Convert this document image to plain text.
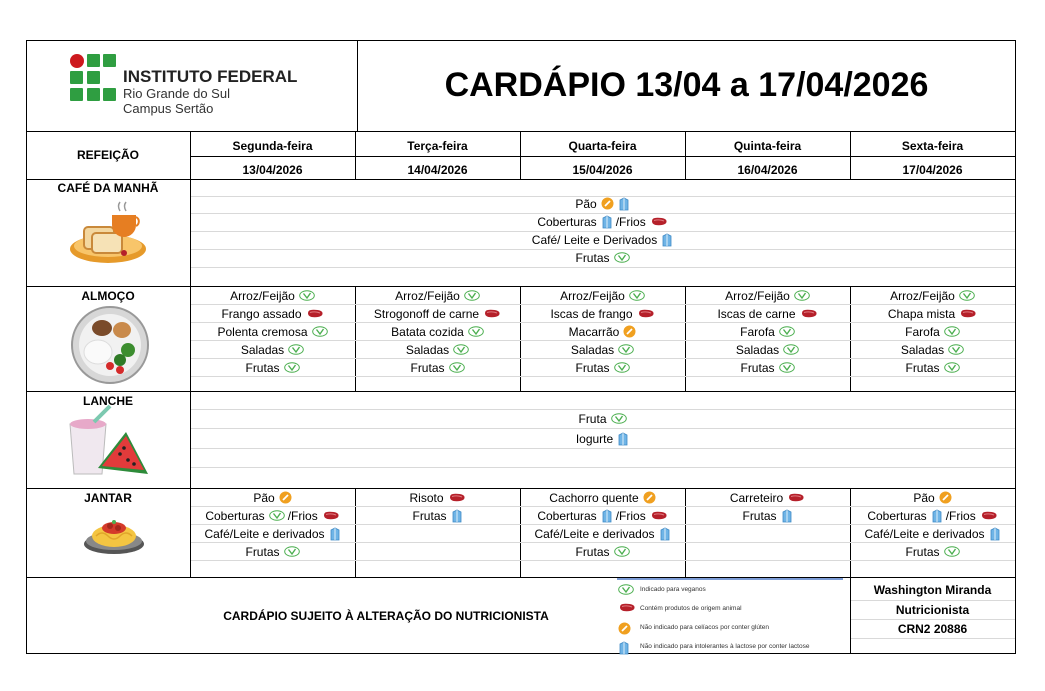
INSTITUTO FEDERAL
Rio Grande do Sul
Campus Sertão
CARDÁPIO 13/04 a 17/04/2026
REFEIÇÃO
Segunda-feira
13/04/2026
Terça-feira
14/04/2026
Quarta-feira
15/04/2026
Quinta-feira
16/04/2026
Sexta-feira
17/04/2026
CAFÉ DA MANHÃ
ALMOÇO
LANCHE
JANTAR
Pão
Coberturas /Frios
Café/ Leite e Derivados
Frutas
Arroz/Feijão
Frango assado
Polenta cremosa
Saladas
Frutas
Arroz/Feijão
Strogonoff de carne
Batata cozida
Saladas
Frutas
Arroz/Feijão
Iscas de frango
Macarrão
Saladas
Frutas
Arroz/Feijão
Iscas de carne
Farofa
Saladas
Frutas
Arroz/Feijão
Chapa mista
Farofa
Saladas
Frutas
Fruta
Iogurte
Pão
Coberturas /Frios
Café/Leite e derivados
Frutas
Risoto
Frutas
Cachorro quente
Coberturas /Frios
Café/Leite e derivados
Frutas
Carreteiro
Frutas
Pão
Coberturas /Frios
Café/Leite e derivados
Frutas
CARDÁPIO SUJEITO À ALTERAÇÃO DO NUTRICIONISTA
Indicado para veganos
Contém produtos de origem animal
Não indicado para celíacos por conter glúten
Não indicado para intolerantes à lactose por conter lactose
Washington Miranda
Nutricionista
CRN2 20886
